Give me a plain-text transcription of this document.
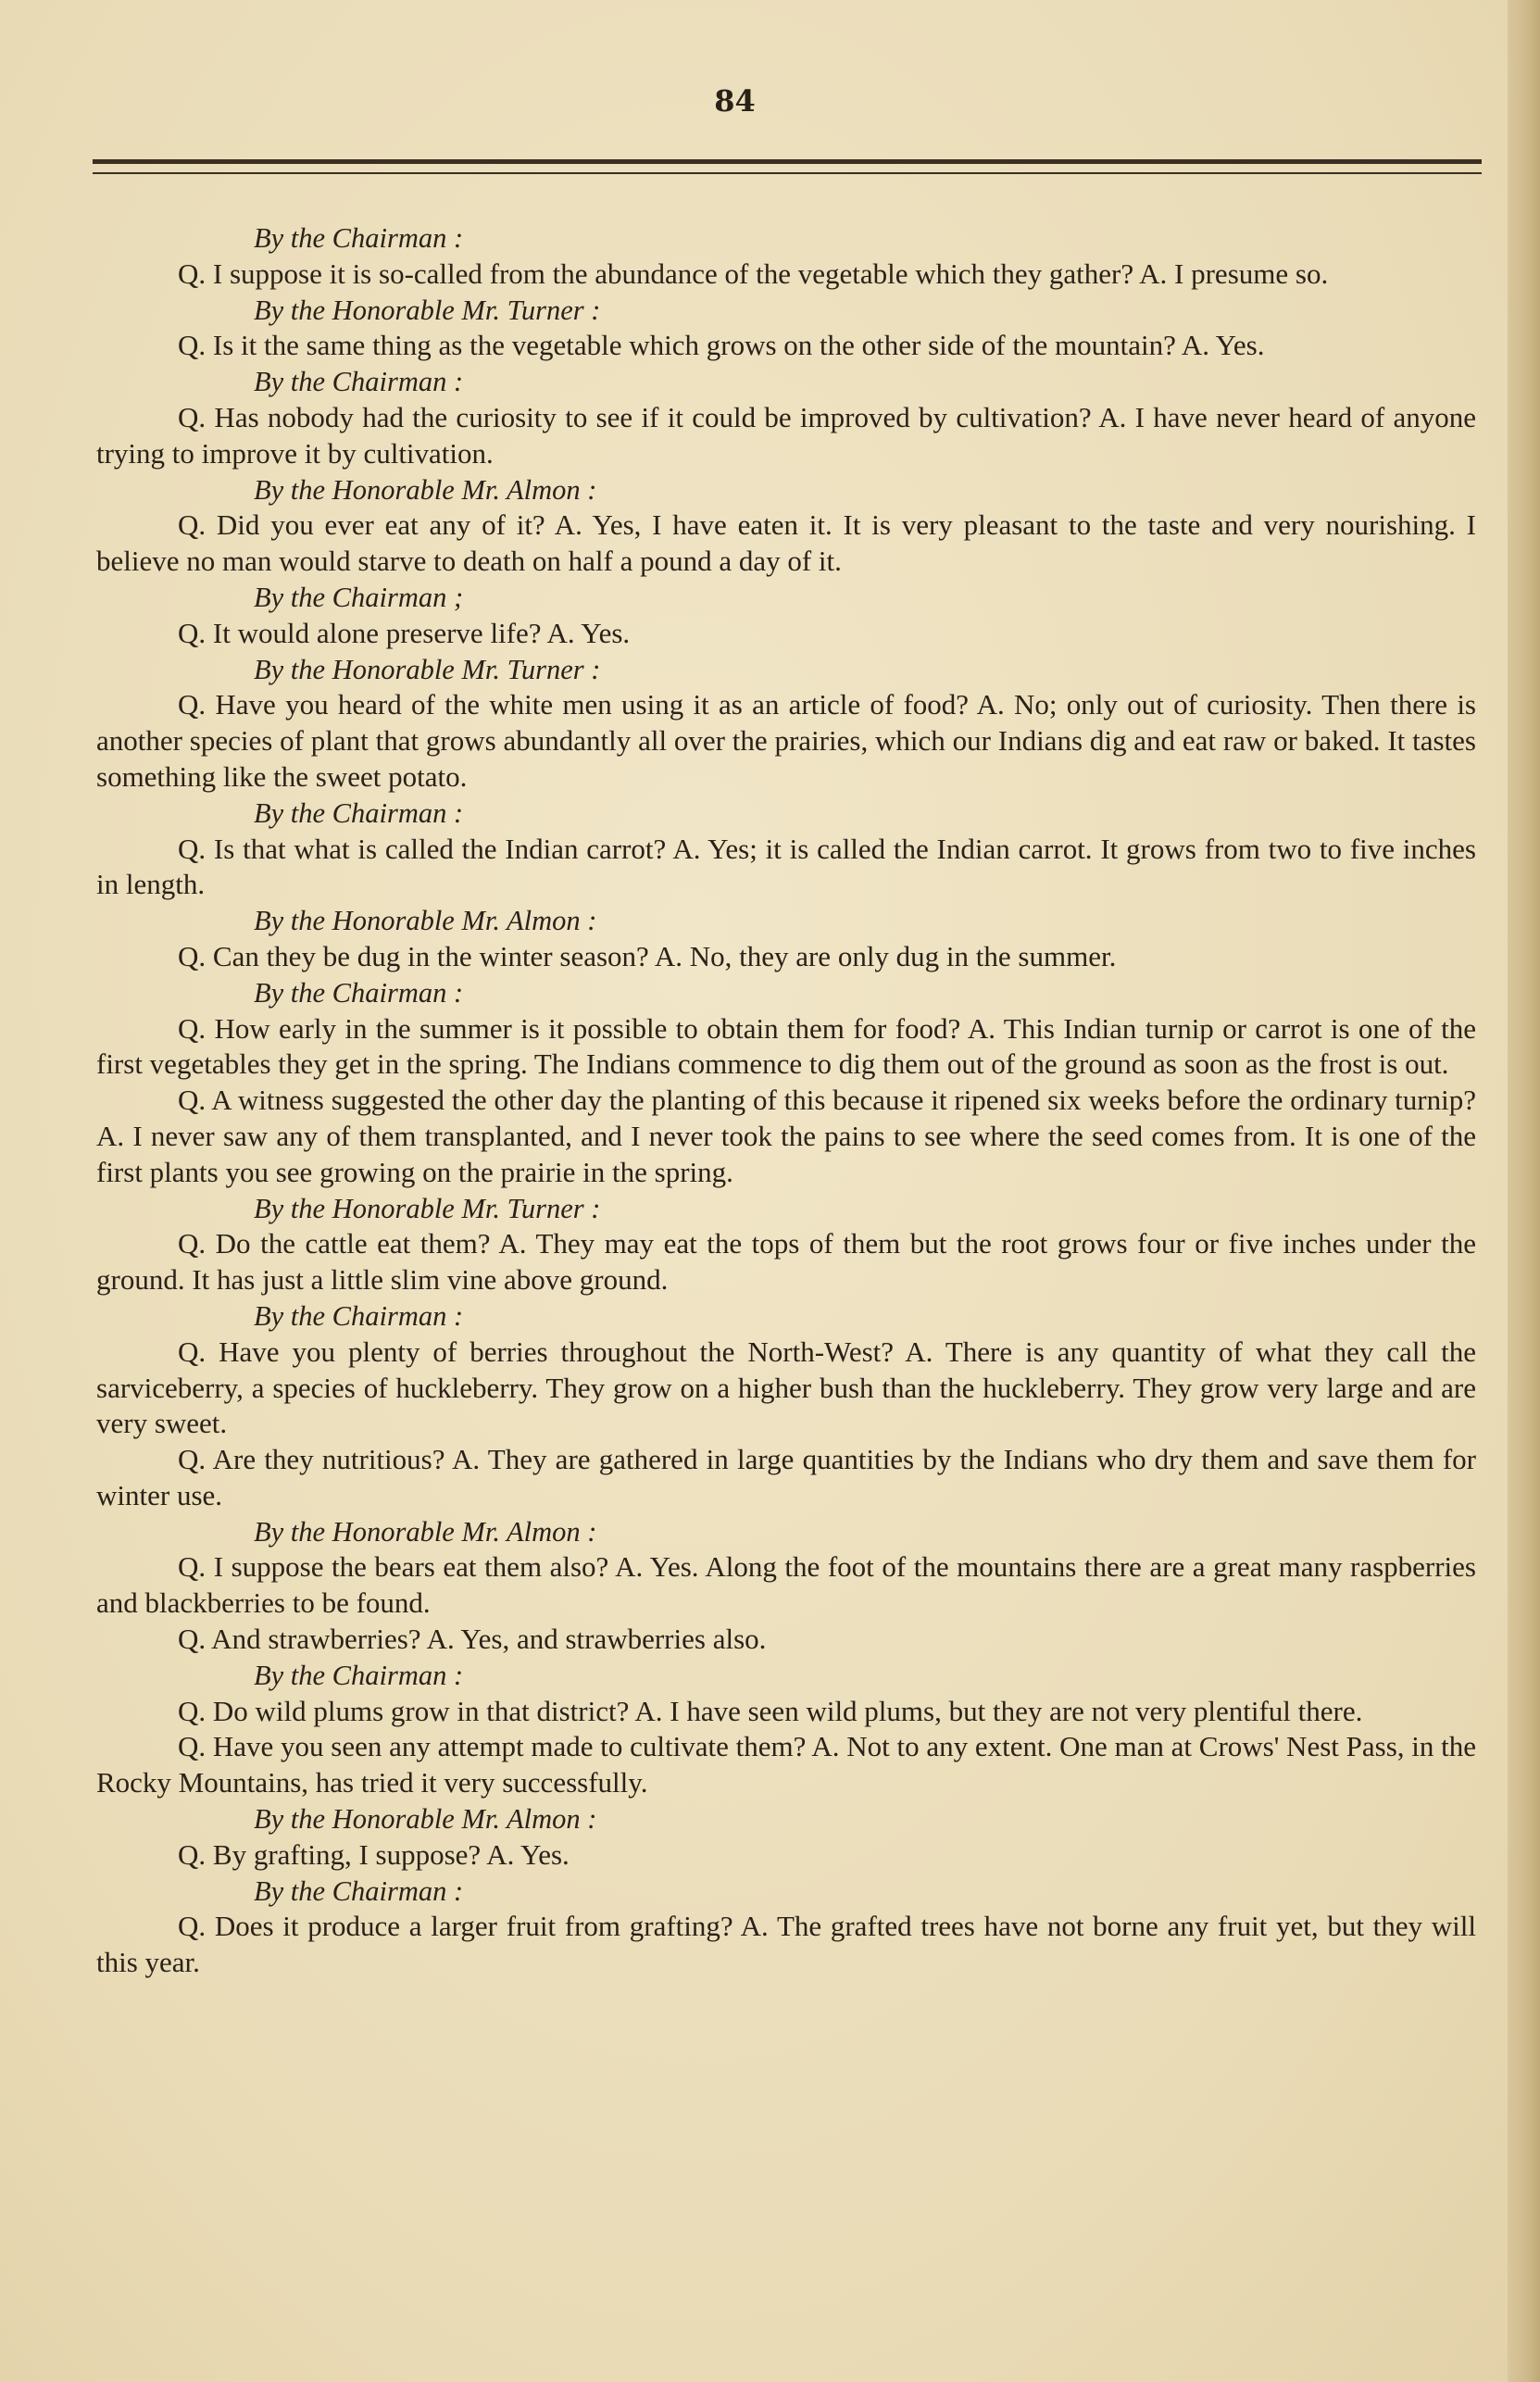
84

By the Chairman :

Q. I suppose it is so-called from the abundance of the vegetable which they gather? A. I presume so.

By the Honorable Mr. Turner :

Q. Is it the same thing as the vegetable which grows on the other side of the mountain? A. Yes.

By the Chairman :

Q. Has nobody had the curiosity to see if it could be improved by cultivation? A. I have never heard of anyone trying to improve it by cultivation.

By the Honorable Mr. Almon :

Q. Did you ever eat any of it? A. Yes, I have eaten it. It is very pleasant to the taste and very nourishing. I believe no man would starve to death on half a pound a day of it.

By the Chairman ;

Q. It would alone preserve life? A. Yes.

By the Honorable Mr. Turner :

Q. Have you heard of the white men using it as an article of food? A. No; only out of curiosity. Then there is another species of plant that grows abundantly all over the prairies, which our Indians dig and eat raw or baked. It tastes something like the sweet potato.

By the Chairman :

Q. Is that what is called the Indian carrot? A. Yes; it is called the Indian carrot. It grows from two to five inches in length.

By the Honorable Mr. Almon :

Q. Can they be dug in the winter season? A. No, they are only dug in the summer.

By the Chairman :

Q. How early in the summer is it possible to obtain them for food? A. This Indian turnip or carrot is one of the first vegetables they get in the spring. The Indians commence to dig them out of the ground as soon as the frost is out.

Q. A witness suggested the other day the planting of this because it ripened six weeks before the ordinary turnip? A. I never saw any of them transplanted, and I never took the pains to see where the seed comes from. It is one of the first plants you see growing on the prairie in the spring.

By the Honorable Mr. Turner :

Q. Do the cattle eat them? A. They may eat the tops of them but the root grows four or five inches under the ground. It has just a little slim vine above ground.

By the Chairman :

Q. Have you plenty of berries throughout the North-West? A. There is any quantity of what they call the sarviceberry, a species of huckleberry. They grow on a higher bush than the huckleberry. They grow very large and are very sweet.

Q. Are they nutritious? A. They are gathered in large quantities by the Indians who dry them and save them for winter use.

By the Honorable Mr. Almon :

Q. I suppose the bears eat them also? A. Yes. Along the foot of the mountains there are a great many raspberries and blackberries to be found.

Q. And strawberries? A. Yes, and strawberries also.

By the Chairman :

Q. Do wild plums grow in that district? A. I have seen wild plums, but they are not very plentiful there.

Q. Have you seen any attempt made to cultivate them? A. Not to any extent. One man at Crows' Nest Pass, in the Rocky Mountains, has tried it very successfully.

By the Honorable Mr. Almon :

Q. By grafting, I suppose? A. Yes.

By the Chairman :

Q. Does it produce a larger fruit from grafting? A. The grafted trees have not borne any fruit yet, but they will this year.
